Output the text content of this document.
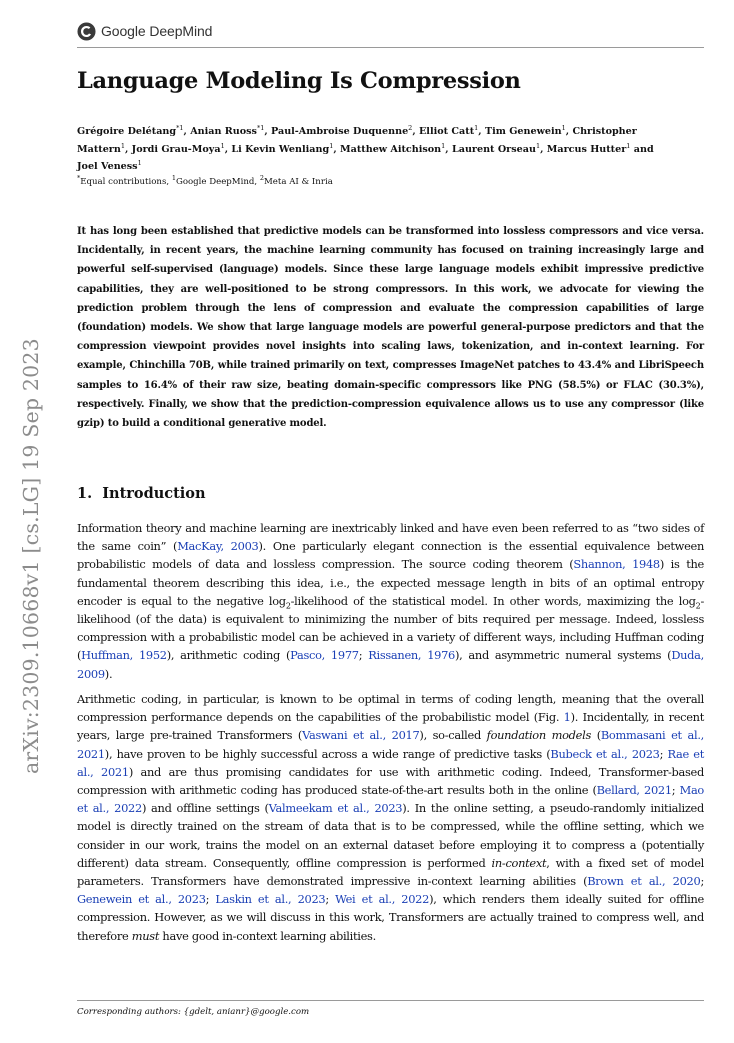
Google DeepMind
arXiv:2309.10668v1 [cs.LG] 19 Sep 2023
Language Modeling Is Compression
Grégoire Delétang$^{*1}$, Anian Ruoss$^{*1}$, Paul-Ambroise Duquenne$^2$, Elliot Catt$^1$, Tim Genewein$^1$, Christopher Mattern$^1$, Jordi Grau-Moya$^1$, Li Kevin Wenliang$^1$, Matthew Aitchison$^1$, Laurent Orseau$^1$, Marcus Hutter$^1$ and Joel Veness$^1$
*Equal contributions, $^1$Google DeepMind, $^2$Meta AI & Inria

It has long been established that predictive models can be transformed into lossless compressors and vice versa. Incidentally, in recent years, the machine learning community has focused on training increasingly large and powerful self-supervised (language) models. Since these large language models exhibit impressive predictive capabilities, they are well-positioned to be strong compressors. In this work, we advocate for viewing the prediction problem through the lens of compression and evaluate the compression capabilities of large (foundation) models. We show that large language models are powerful general-purpose predictors and that the compression viewpoint provides novel insights into scaling laws, tokenization, and in-context learning. For example, Chinchilla 70B, while trained primarily on text, compresses ImageNet patches to 43.4% and LibriSpeech samples to 16.4% of their raw size, beating domain-specific compressors like PNG (58.5%) or FLAC (30.3%), respectively. Finally, we show that the prediction-compression equivalence allows us to use any compressor (like gzip) to build a conditional generative model.

1. Introduction

Information theory and machine learning are inextricably linked and have even been referred to as “two sides of the same coin” (MacKay, 2003). One particularly elegant connection is the essential equivalence between probabilistic models of data and lossless compression. The source coding theorem (Shannon, 1948) is the fundamental theorem describing this idea, i.e., the expected message length in bits of an optimal entropy encoder is equal to the negative $\log_2$-likelihood of the statistical model. In other words, maximizing the $\log_2$-likelihood (of the data) is equivalent to minimizing the number of bits required per message. Indeed, lossless compression with a probabilistic model can be achieved in a variety of different ways, including Huffman coding (Huffman, 1952), arithmetic coding (Pasco, 1977; Rissanen, 1976), and asymmetric numeral systems (Duda, 2009).

Arithmetic coding, in particular, is known to be optimal in terms of coding length, meaning that the overall compression performance depends on the capabilities of the probabilistic model (Fig. 1). Incidentally, in recent years, large pre-trained Transformers (Vaswani et al., 2017), so-called foundation models (Bommasani et al., 2021), have proven to be highly successful across a wide range of predictive tasks (Bubeck et al., 2023; Rae et al., 2021) and are thus promising candidates for use with arithmetic coding. Indeed, Transformer-based compression with arithmetic coding has produced state-of-the-art results both in the online (Bellard, 2021; Mao et al., 2022) and offline settings (Valmeekam et al., 2023). In the online setting, a pseudo-randomly initialized model is directly trained on the stream of data that is to be compressed, while the offline setting, which we consider in our work, trains the model on an external dataset before employing it to compress a (potentially different) data stream. Consequently, offline compression is performed in-context, with a fixed set of model parameters. Transformers have demonstrated impressive in-context learning abilities (Brown et al., 2020; Genewein et al., 2023; Laskin et al., 2023; Wei et al., 2022), which renders them ideally suited for offline compression. However, as we will discuss in this work, Transformers are actually trained to compress well, and therefore must have good in-context learning abilities.

Corresponding authors: {gdelt, anianr}@google.com
